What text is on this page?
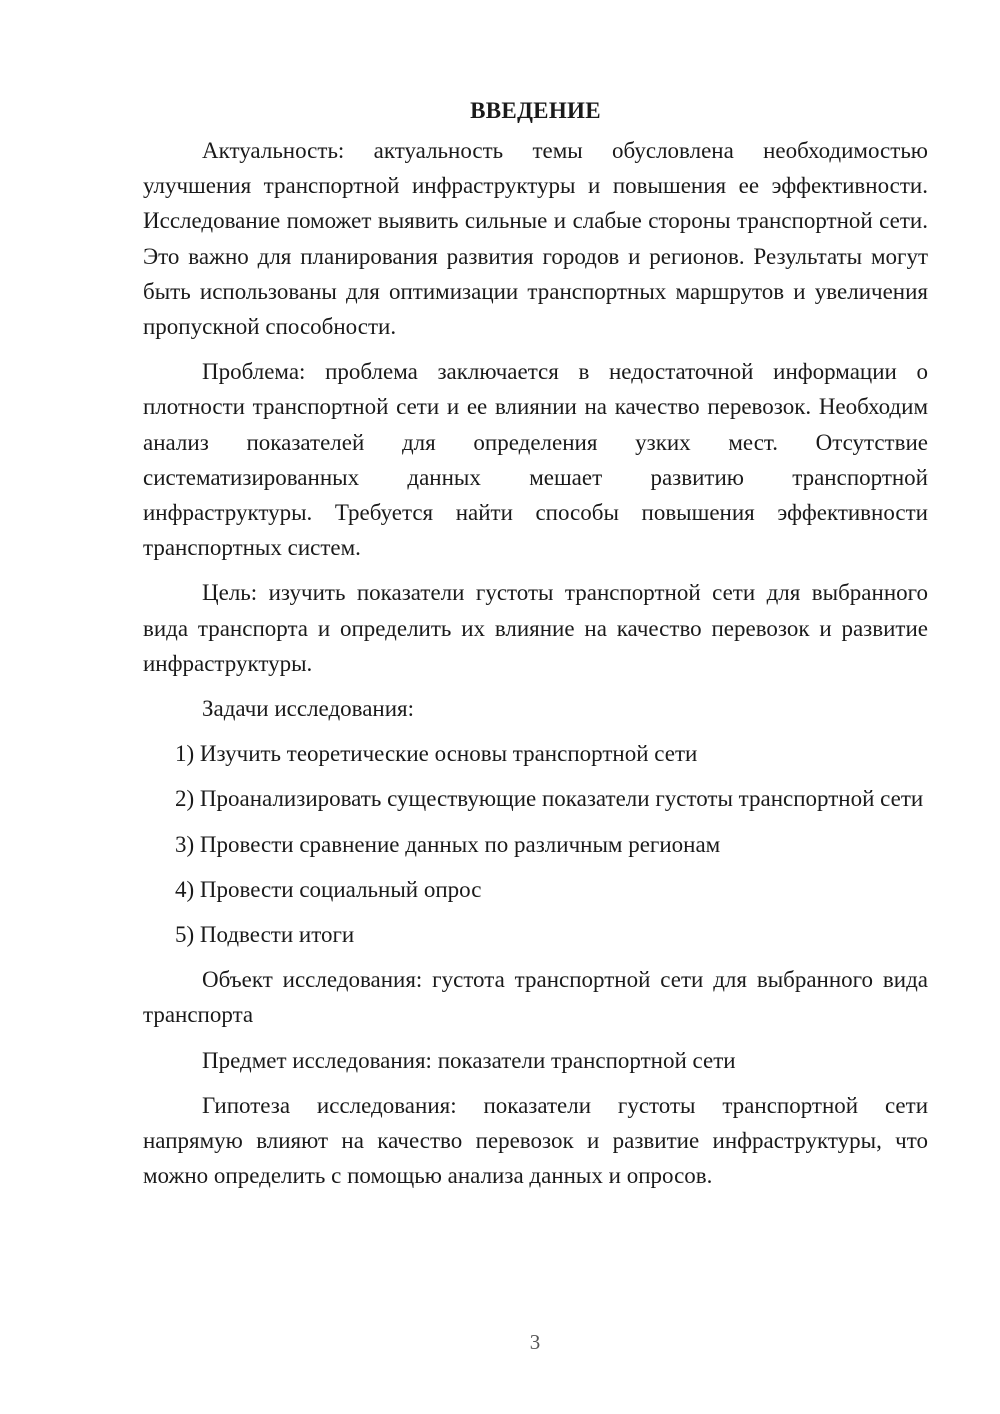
ВВЕДЕНИЕ

Актуальность: актуальность темы обусловлена необходимостью улучшения транспортной инфраструктуры и повышения ее эффективности. Исследование поможет выявить сильные и слабые стороны транспортной сети. Это важно для планирования развития городов и регионов. Результаты могут быть использованы для оптимизации транспортных маршрутов и увеличения пропускной способности.

Проблема: проблема заключается в недостаточной информации о плотности транспортной сети и ее влиянии на качество перевозок. Необходим анализ показателей для определения узких мест. Отсутствие систематизированных данных мешает развитию транспортной инфраструктуры. Требуется найти способы повышения эффективности транспортных систем.

Цель: изучить показатели густоты транспортной сети для выбранного вида транспорта и определить их влияние на качество перевозок и развитие инфраструктуры.

Задачи исследования:

1) Изучить теоретические основы транспортной сети

2) Проанализировать существующие показатели густоты транспортной сети

3) Провести сравнение данных по различным регионам

4) Провести социальный опрос

5) Подвести итоги

Объект исследования: густота транспортной сети для выбранного вида транспорта

Предмет исследования: показатели транспортной сети

Гипотеза исследования: показатели густоты транспортной сети напрямую влияют на качество перевозок и развитие инфраструктуры, что можно определить с помощью анализа данных и опросов.

3
